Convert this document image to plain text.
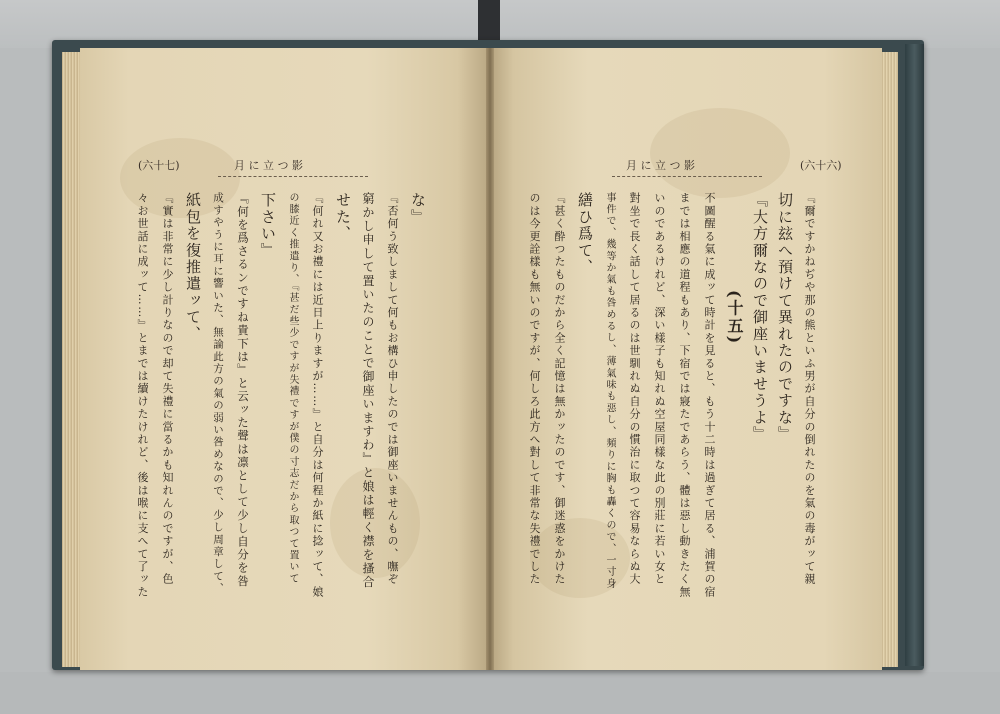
(六十七)	月 に 立 つ 影	月 に 立 つ 影	(六十六)
『爾ですかねぢや那の熊といふ男が自分の倒れたのを氣の毒がッて親
切に玆へ預けて異れたのですな』
『大方爾なので御座いませうよ』
(十五)
不圖醒る氣に成ッて時計を見ると、もう十二時は過ぎて居る、浦賀の宿
までは相應の道程もあり、下宿では寢たであらう、體は惡し動きたく無
いのであるけれど、深い樣子も知れぬ空屋同樣な此の別莊に若い女と
對坐で長く話して居るのは世馴れぬ自分の慣治に取つて容易ならぬ大
事件で、幾等か氣も咎めるし、薄氣味も惡し、頻りに胸も轟くので、一寸身
繕ひ爲て、
『甚く酔つたものだから全く記憶は無かッたのです、御迷惑をかけた
のは今更詮樣も無いのですが、何しろ此方へ對して非常な失禮でした
な』
『否何う致しまして何もお構ひ申したのでは御座いませんもの、嘸ぞ
窮かし申して置いたのことで御座いますわ』と娘は輕く襟を搔合
せた、
『何れ又お禮には近日上りますが……』と自分は何程か紙に捻ッて、娘
の膝近く推遣り、『甚だ些少ですが失禮ですが僕の寸志だから取つて置いて
下さい』
『何を爲さるンですね貴下は』と云ッた聲は凛として少し自分を咎
成すやうに耳に響いた、無論此方の氣の弱い咎めなので、少し周章して、
紙包を復推遣ッて、
『實は非常に少し計りなので却て失禮に當るかも知れんのですが、色
々お世話に成ッて……』とまでは續けたけれど、後は喉に支へて了ッた
